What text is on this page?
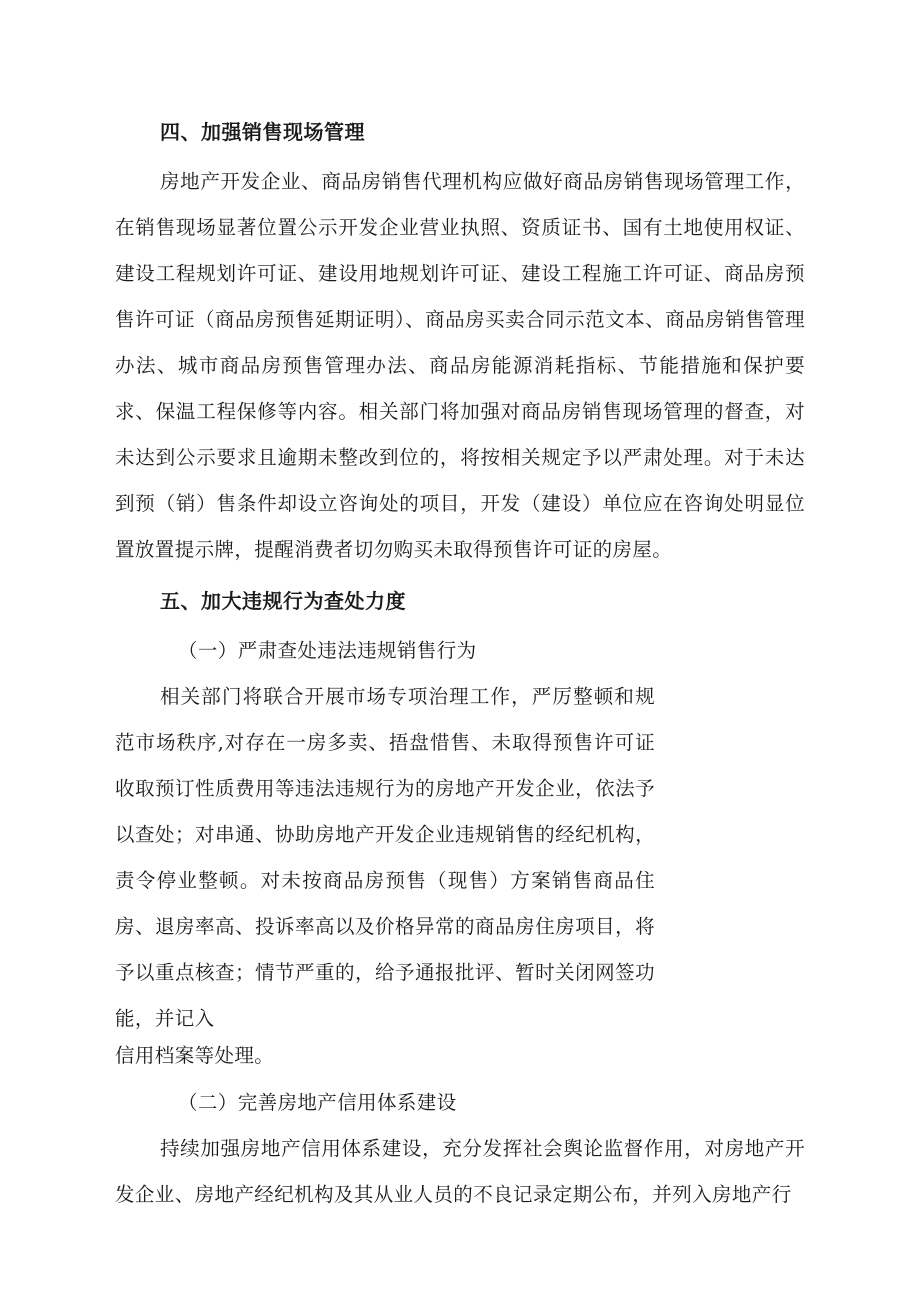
四、加强销售现场管理

房地产开发企业、商品房销售代理机构应做好商品房销售现场管理工作，在销售现场显著位置公示开发企业营业执照、资质证书、国有土地使用权证、建设工程规划许可证、建设用地规划许可证、建设工程施工许可证、商品房预售许可证（商品房预售延期证明）、商品房买卖合同示范文本、商品房销售管理办法、城市商品房预售管理办法、商品房能源消耗指标、节能措施和保护要求、保温工程保修等内容。相关部门将加强对商品房销售现场管理的督查，对未达到公示要求且逾期未整改到位的，将按相关规定予以严肃处理。对于未达到预（销）售条件却设立咨询处的项目，开发（建设）单位应在咨询处明显位置放置提示牌，提醒消费者切勿购买未取得预售许可证的房屋。

五、加大违规行为查处力度

（一）严肃查处违法违规销售行为

相关部门将联合开展市场专项治理工作，严厉整顿和规范市场秩序,对存在一房多卖、捂盘惜售、未取得预售许可证收取预订性质费用等违法违规行为的房地产开发企业，依法予以查处；对串通、协助房地产开发企业违规销售的经纪机构，责令停业整顿。对未按商品房预售（现售）方案销售商品住房、退房率高、投诉率高以及价格异常的商品房住房项目，将予以重点核查；情节严重的，给予通报批评、暂时关闭网签功能，并记入

信用档案等处理。

（二）完善房地产信用体系建设

持续加强房地产信用体系建设，充分发挥社会舆论监督作用，对房地产开发企业、房地产经纪机构及其从业人员的不良记录定期公布，并列入房地产行
